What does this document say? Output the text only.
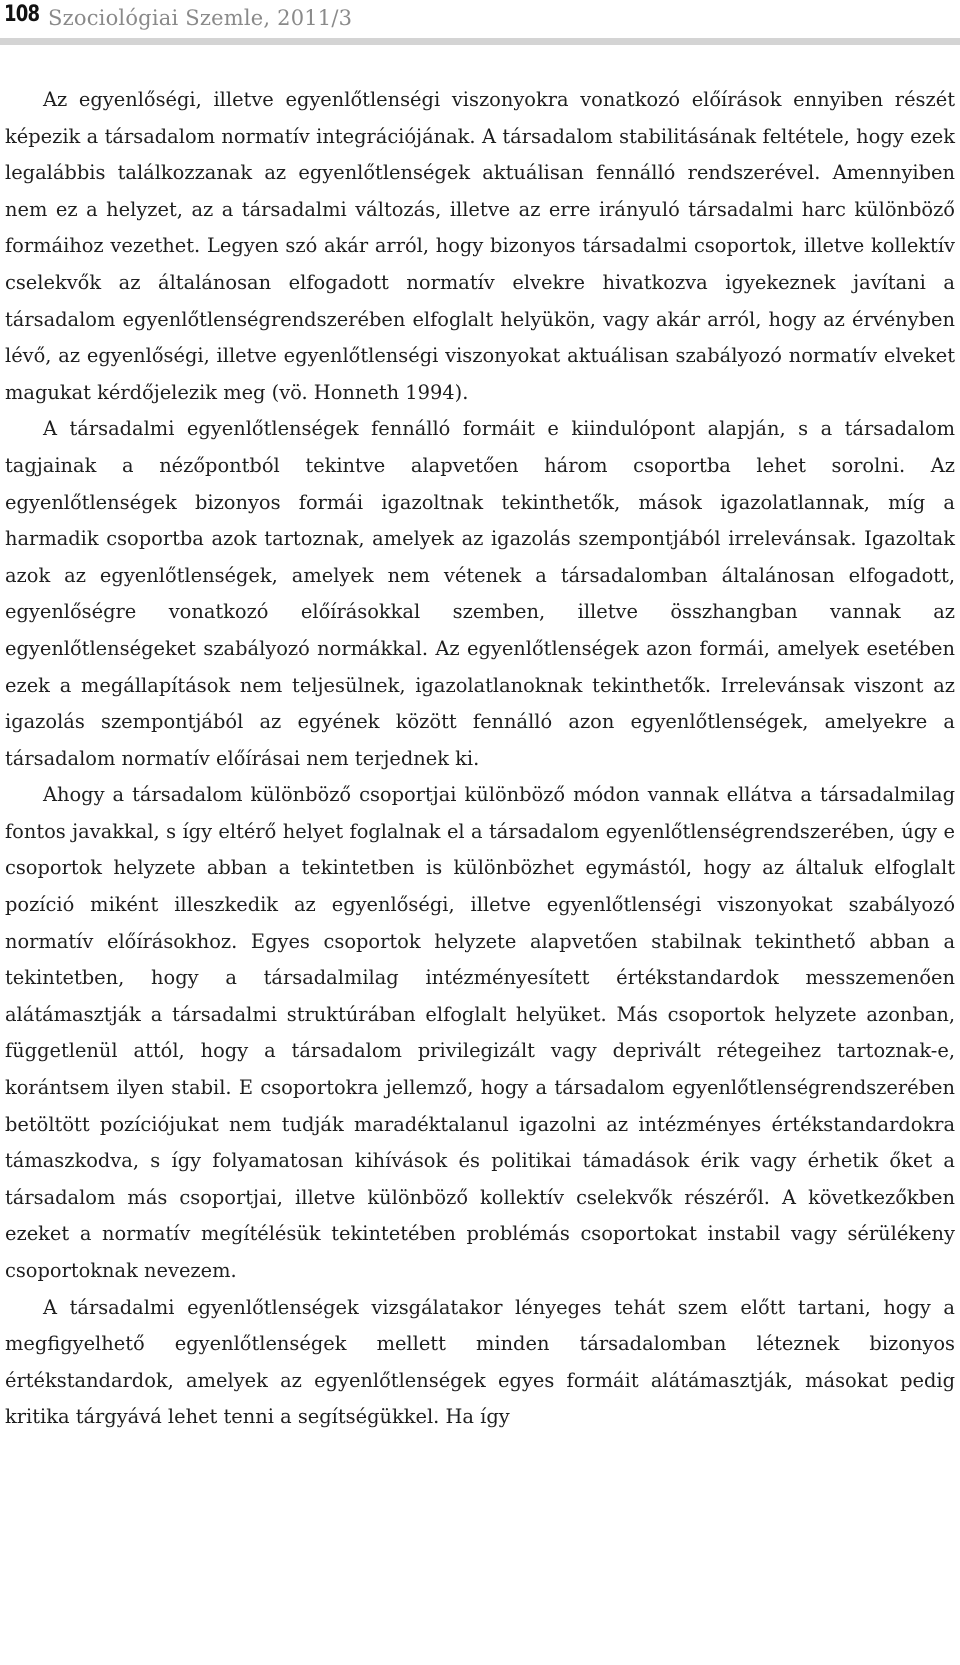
108 Szociológiai Szemle, 2011/3

Az egyenlőségi, illetve egyenlőtlenségi viszonyokra vonatkozó előírások ennyiben részét képezik a társadalom normatív integrációjának. A társadalom stabilitásának feltétele, hogy ezek legalábbis találkozzanak az egyenlőtlenségek aktuálisan fennálló rendszerével. Amennyiben nem ez a helyzet, az a társadalmi változás, illetve az erre irányuló társadalmi harc különböző formáihoz vezethet. Legyen szó akár arról, hogy bizonyos társadalmi csoportok, illetve kollektív cselekvők az általánosan elfogadott normatív elvekre hivatkozva igyekeznek javítani a társadalom egyenlőtlenségrendszerében elfoglalt helyükön, vagy akár arról, hogy az érvényben lévő, az egyenlőségi, illetve egyenlőtlenségi viszonyokat aktuálisan szabályozó normatív elveket magukat kérdőjelezik meg (vö. Honneth 1994).

A társadalmi egyenlőtlenségek fennálló formáit e kiindulópont alapján, s a társadalom tagjainak a nézőpontból tekintve alapvetően három csoportba lehet sorolni. Az egyenlőtlenségek bizonyos formái igazoltnak tekinthetők, mások igazolatlannak, míg a harmadik csoportba azok tartoznak, amelyek az igazolás szempontjából irrelevánsak. Igazoltak azok az egyenlőtlenségek, amelyek nem vétenek a társadalomban általánosan elfogadott, egyenlőségre vonatkozó előírásokkal szemben, illetve összhangban vannak az egyenlőtlenségeket szabályozó normákkal. Az egyenlőtlenségek azon formái, amelyek esetében ezek a megállapítások nem teljesülnek, igazolatlanoknak tekinthetők. Irrelevánsak viszont az igazolás szempontjából az egyének között fennálló azon egyenlőtlenségek, amelyekre a társadalom normatív előírásai nem terjednek ki.

Ahogy a társadalom különböző csoportjai különböző módon vannak ellátva a társadalmilag fontos javakkal, s így eltérő helyet foglalnak el a társadalom egyenlőtlenségrendszerében, úgy e csoportok helyzete abban a tekintetben is különbözhet egymástól, hogy az általuk elfoglalt pozíció miként illeszkedik az egyenlőségi, illetve egyenlőtlenségi viszonyokat szabályozó normatív előírásokhoz. Egyes csoportok helyzete alapvetően stabilnak tekinthető abban a tekintetben, hogy a társadalmilag intézményesített értékstandardok messzemenően alátámasztják a társadalmi struktúrában elfoglalt helyüket. Más csoportok helyzete azonban, függetlenül attól, hogy a társadalom privilegizált vagy deprivált rétegeihez tartoznak-e, korántsem ilyen stabil. E csoportokra jellemző, hogy a társadalom egyenlőtlenségrendszerében betöltött pozíciójukat nem tudják maradéktalanul igazolni az intézményes értékstandardokra támaszkodva, s így folyamatosan kihívások és politikai támadások érik vagy érhetik őket a társadalom más csoportjai, illetve különböző kollektív cselekvők részéről. A következőkben ezeket a normatív megítélésük tekintetében problémás csoportokat instabil vagy sérülékeny csoportoknak nevezem.

A társadalmi egyenlőtlenségek vizsgálatakor lényeges tehát szem előtt tartani, hogy a megfigyelhető egyenlőtlenségek mellett minden társadalomban léteznek bizonyos értékstandardok, amelyek az egyenlőtlenségek egyes formáit alátámasztják, másokat pedig kritika tárgyává lehet tenni a segítségükkel. Ha így
